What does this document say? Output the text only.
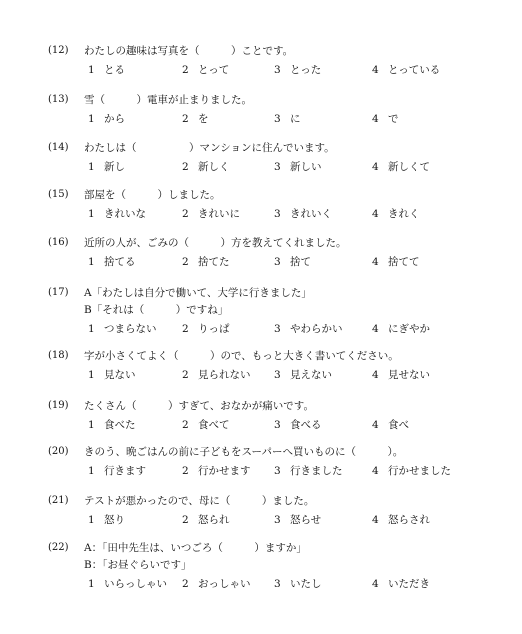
(12) わたしの趣味は写真を（　　　）ことです。
1 とる	2 とって	3 とった	4 とっている
(13) 雪（　　　）電車が止まりました。
1 から	2 を	3 に	4 で
(14) わたしは（　　　　　）マンションに住んでいます。
1 新し	2 新しく	3 新しい	4 新しくて
(15) 部屋を（　　　）しました。
1 きれいな	2 きれいに	3 きれいく	4 きれく
(16) 近所の人が、ごみの（　　　）方を教えてくれました。
1 捨てる	2 捨てた	3 捨て	4 捨てて
(17) A「わたしは自分で働いて、大学に行きました」
B「それは（　　　）ですね」
1 つまらない 2 りっぱ	3 やわらかい	4 にぎやか
(18) 字が小さくてよく（　　　）ので、もっと大きく書いてください。
1 見ない	2 見られない 3 見えない	4 見せない
(19) たくさん（　　　）すぎて、おなかが痛いです。
1 食べた	2 食べて	3 食べる	4 食べ
(20) きのう、晩ごはんの前に子どもをスーパーへ買いものに（　　　）。
1 行きます	2 行かせます 3 行きました	4 行かせました
(21) テストが悪かったので、母に（　　　）ました。
1 怒り	2 怒られ	3 怒らせ	4 怒らされ
(22) A：「田中先生は、いつごろ（　　　）ますか」
B：「お昼ぐらいです」
1 いらっしゃい 2 おっしゃい 3 いたし	4 いただき
